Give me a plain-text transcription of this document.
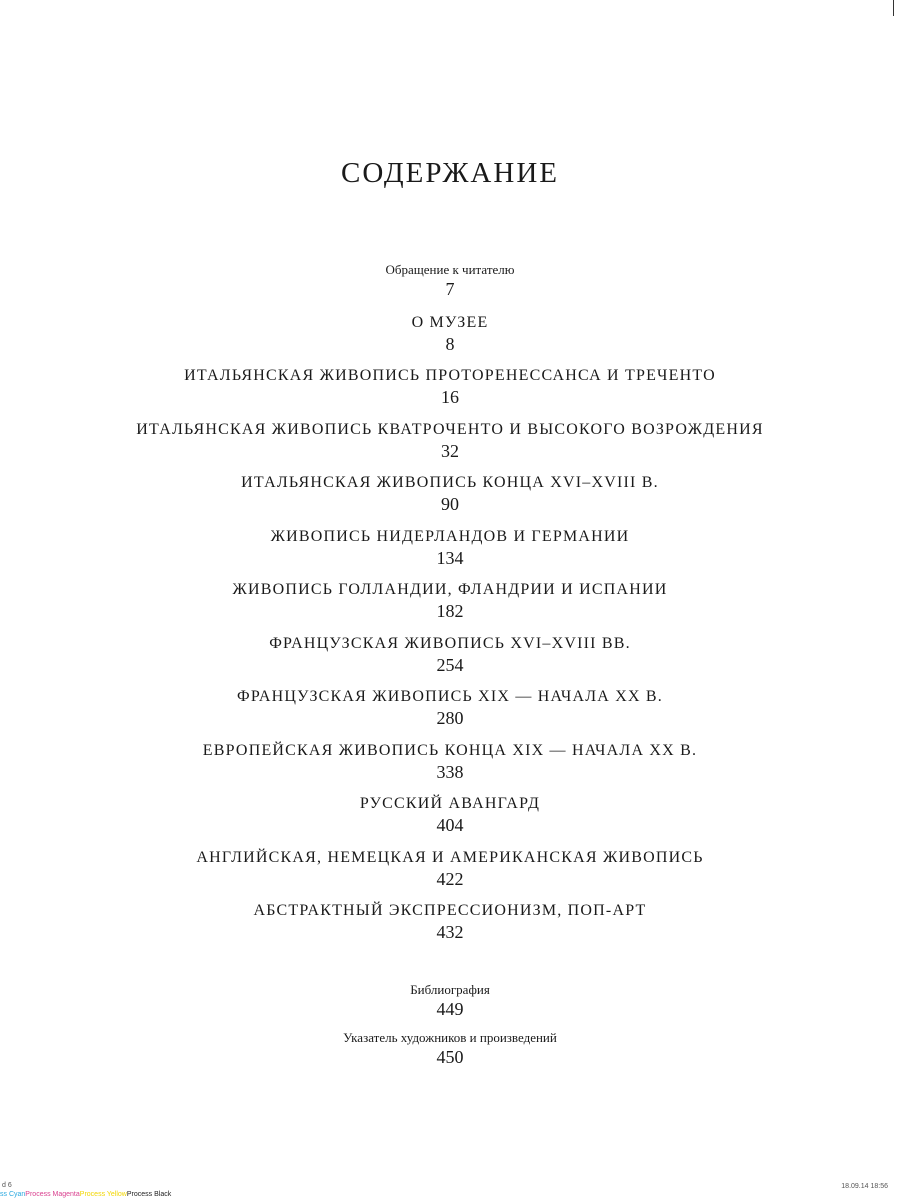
СОДЕРЖАНИЕ
Обращение к читателю
7
О МУЗЕЕ
8
ИТАЛЬЯНСКАЯ ЖИВОПИСЬ ПРОТОРЕНЕССАНСА И ТРЕЧЕНТО
16
ИТАЛЬЯНСКАЯ ЖИВОПИСЬ КВАТРОЧЕНТО И ВЫСОКОГО ВОЗРОЖДЕНИЯ
32
ИТАЛЬЯНСКАЯ ЖИВОПИСЬ КОНЦА XVI–XVIII В.
90
ЖИВОПИСЬ НИДЕРЛАНДОВ И ГЕРМАНИИ
134
ЖИВОПИСЬ ГОЛЛАНДИИ, ФЛАНДРИИ И ИСПАНИИ
182
ФРАНЦУЗСКАЯ ЖИВОПИСЬ XVI–XVIII ВВ.
254
ФРАНЦУЗСКАЯ ЖИВОПИСЬ XIX — НАЧАЛА XX В.
280
ЕВРОПЕЙСКАЯ ЖИВОПИСЬ КОНЦА XIX — НАЧАЛА XX В.
338
РУССКИЙ АВАНГАРД
404
АНГЛИЙСКАЯ, НЕМЕЦКАЯ И АМЕРИКАНСКАЯ ЖИВОПИСЬ
422
АБСТРАКТНЫЙ ЭКСПРЕССИОНИЗМ, ПОП-АРТ
432
Библиография
449
Указатель художников и произведений
450
d 6
ss CyanProcess MagentaProcess YellowProcess Black
18.09.14 18:56
